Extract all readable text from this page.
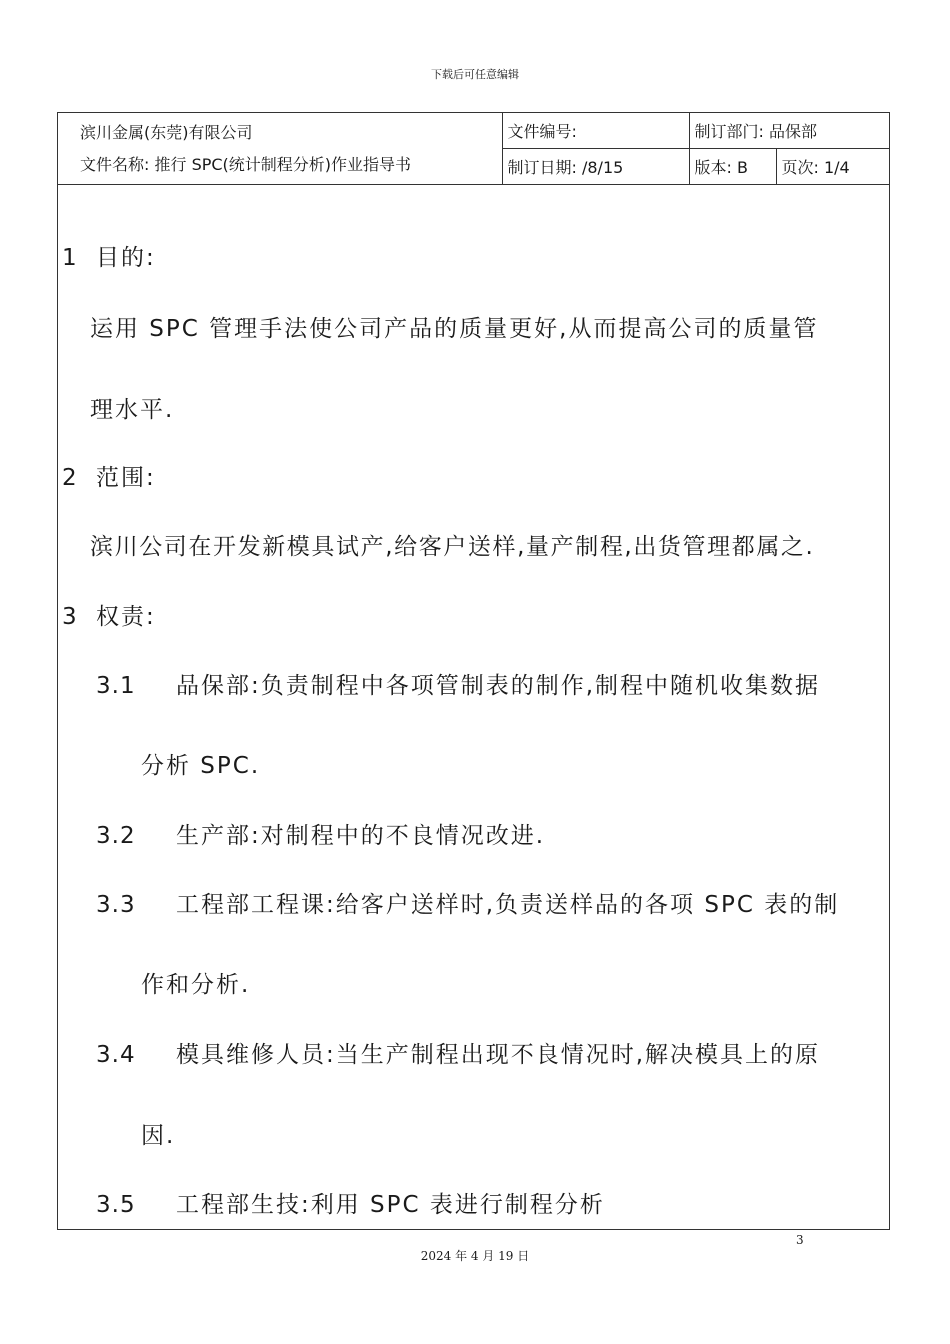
下载后可任意编辑
滨川金属(东莞)有限公司
文件名称: 推行 SPC(统计制程分析)作业指导书	文件编号:	制订部门: 品保部	
	制订日期: /8/15	版本: B	页次: 1/4
1 目的:
运用 SPC 管理手法使公司产品的质量更好,从而提高公司的质量管
理水平.
2 范围:
滨川公司在开发新模具试产,给客户送样,量产制程,出货管理都属之.
3 权责:
3.1 品保部:负责制程中各项管制表的制作,制程中随机收集数据
分析 SPC.
3.2 生产部:对制程中的不良情况改进.
3.3 工程部工程课:给客户送样时,负责送样品的各项 SPC 表的制
作和分析.
3.4 模具维修人员:当生产制程出现不良情况时,解决模具上的原
因.
3.5 工程部生技:利用 SPC 表进行制程分析
3
2024 年 4 月 19 日
